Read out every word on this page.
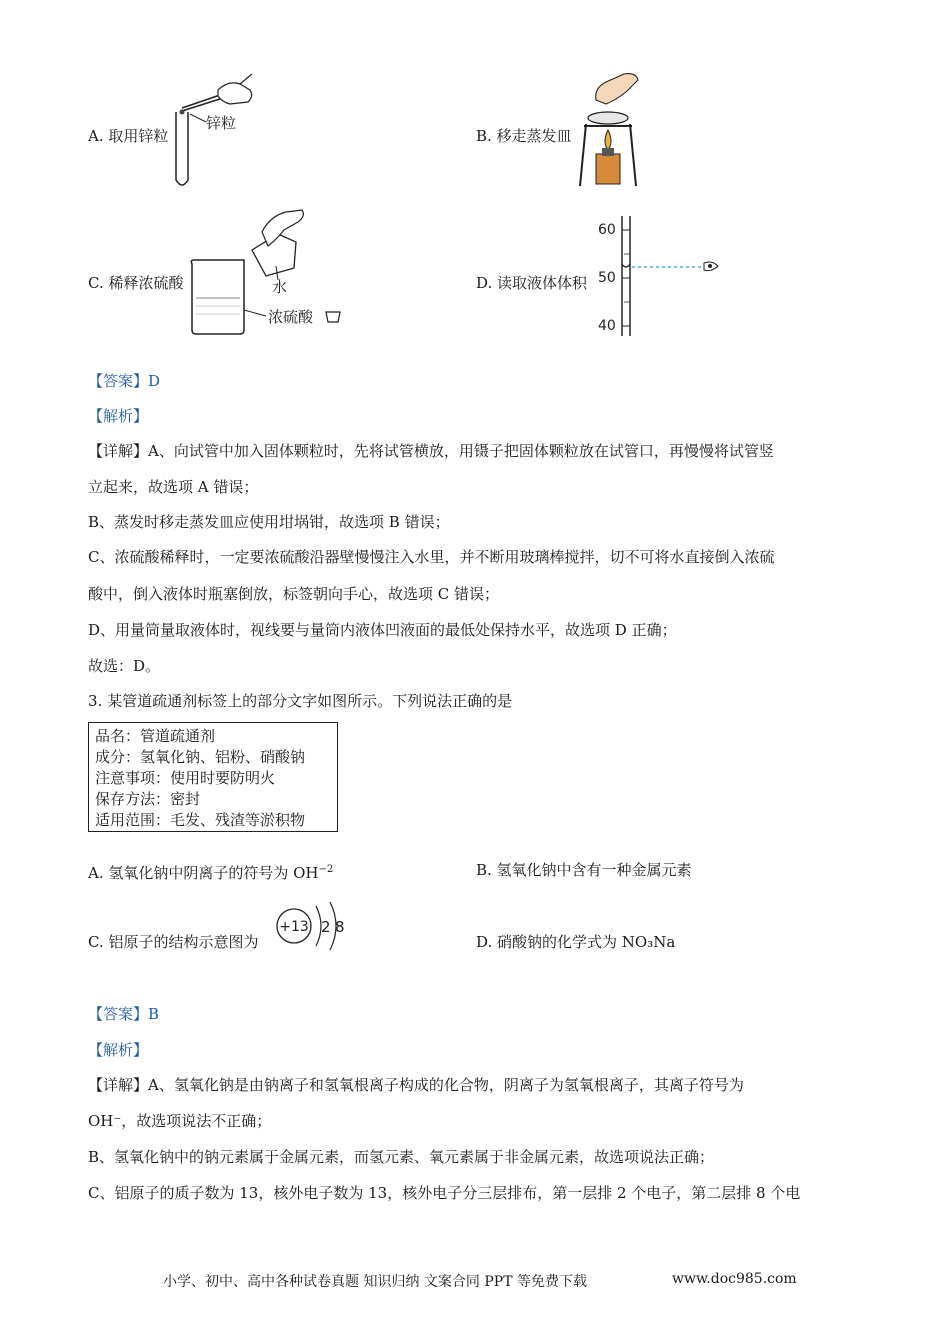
A. 取用锌粒
锌粒
B. 移走蒸发皿
C. 稀释浓硫酸	水
浓硫酸
D. 读取液体体积
60
50
40
【答案】D
【解析】
【详解】A、向试管中加入固体颗粒时，先将试管横放，用镊子把固体颗粒放在试管口，再慢慢将试管竖
立起来，故选项 A 错误；
B、蒸发时移走蒸发皿应使用坩埚钳，故选项 B 错误；
C、浓硫酸稀释时，一定要浓硫酸沿器壁慢慢注入水里，并不断用玻璃棒搅拌，切不可将水直接倒入浓硫
酸中，倒入液体时瓶塞倒放，标签朝向手心，故选项 C 错误；
D、用量筒量取液体时，视线要与量筒内液体凹液面的最低处保持水平，故选项 D 正确；
故选：D。
3. 某管道疏通剂标签上的部分文字如图所示。下列说法正确的是
品名：管道疏通剂
成分：氢氧化钠、铝粉、硝酸钠
注意事项：使用时要防明火
保存方法：密封
适用范围：毛发、残渣等淤积物
A. 氢氧化钠中阴离子的符号为 $OH^{-2}$	B. 氢氧化钠中含有一种金属元素
C. 铝原子的结构示意图为
+13 2 8
D. 硝酸钠的化学式为 NO₃Na
【答案】B
【解析】
【详解】A、氢氧化钠是由钠离子和氢氧根离子构成的化合物，阴离子为氢氧根离子，其离子符号为
OH⁻，故选项说法不正确；
B、氢氧化钠中的钠元素属于金属元素，而氢元素、氧元素属于非金属元素，故选项说法正确；
C、铝原子的质子数为 13，核外电子数为 13，核外电子分三层排布，第一层排 2 个电子，第二层排 8 个电
小学、初中、高中各种试卷真题 知识归纳 文案合同 PPT 等免费下载	www.doc985.com
